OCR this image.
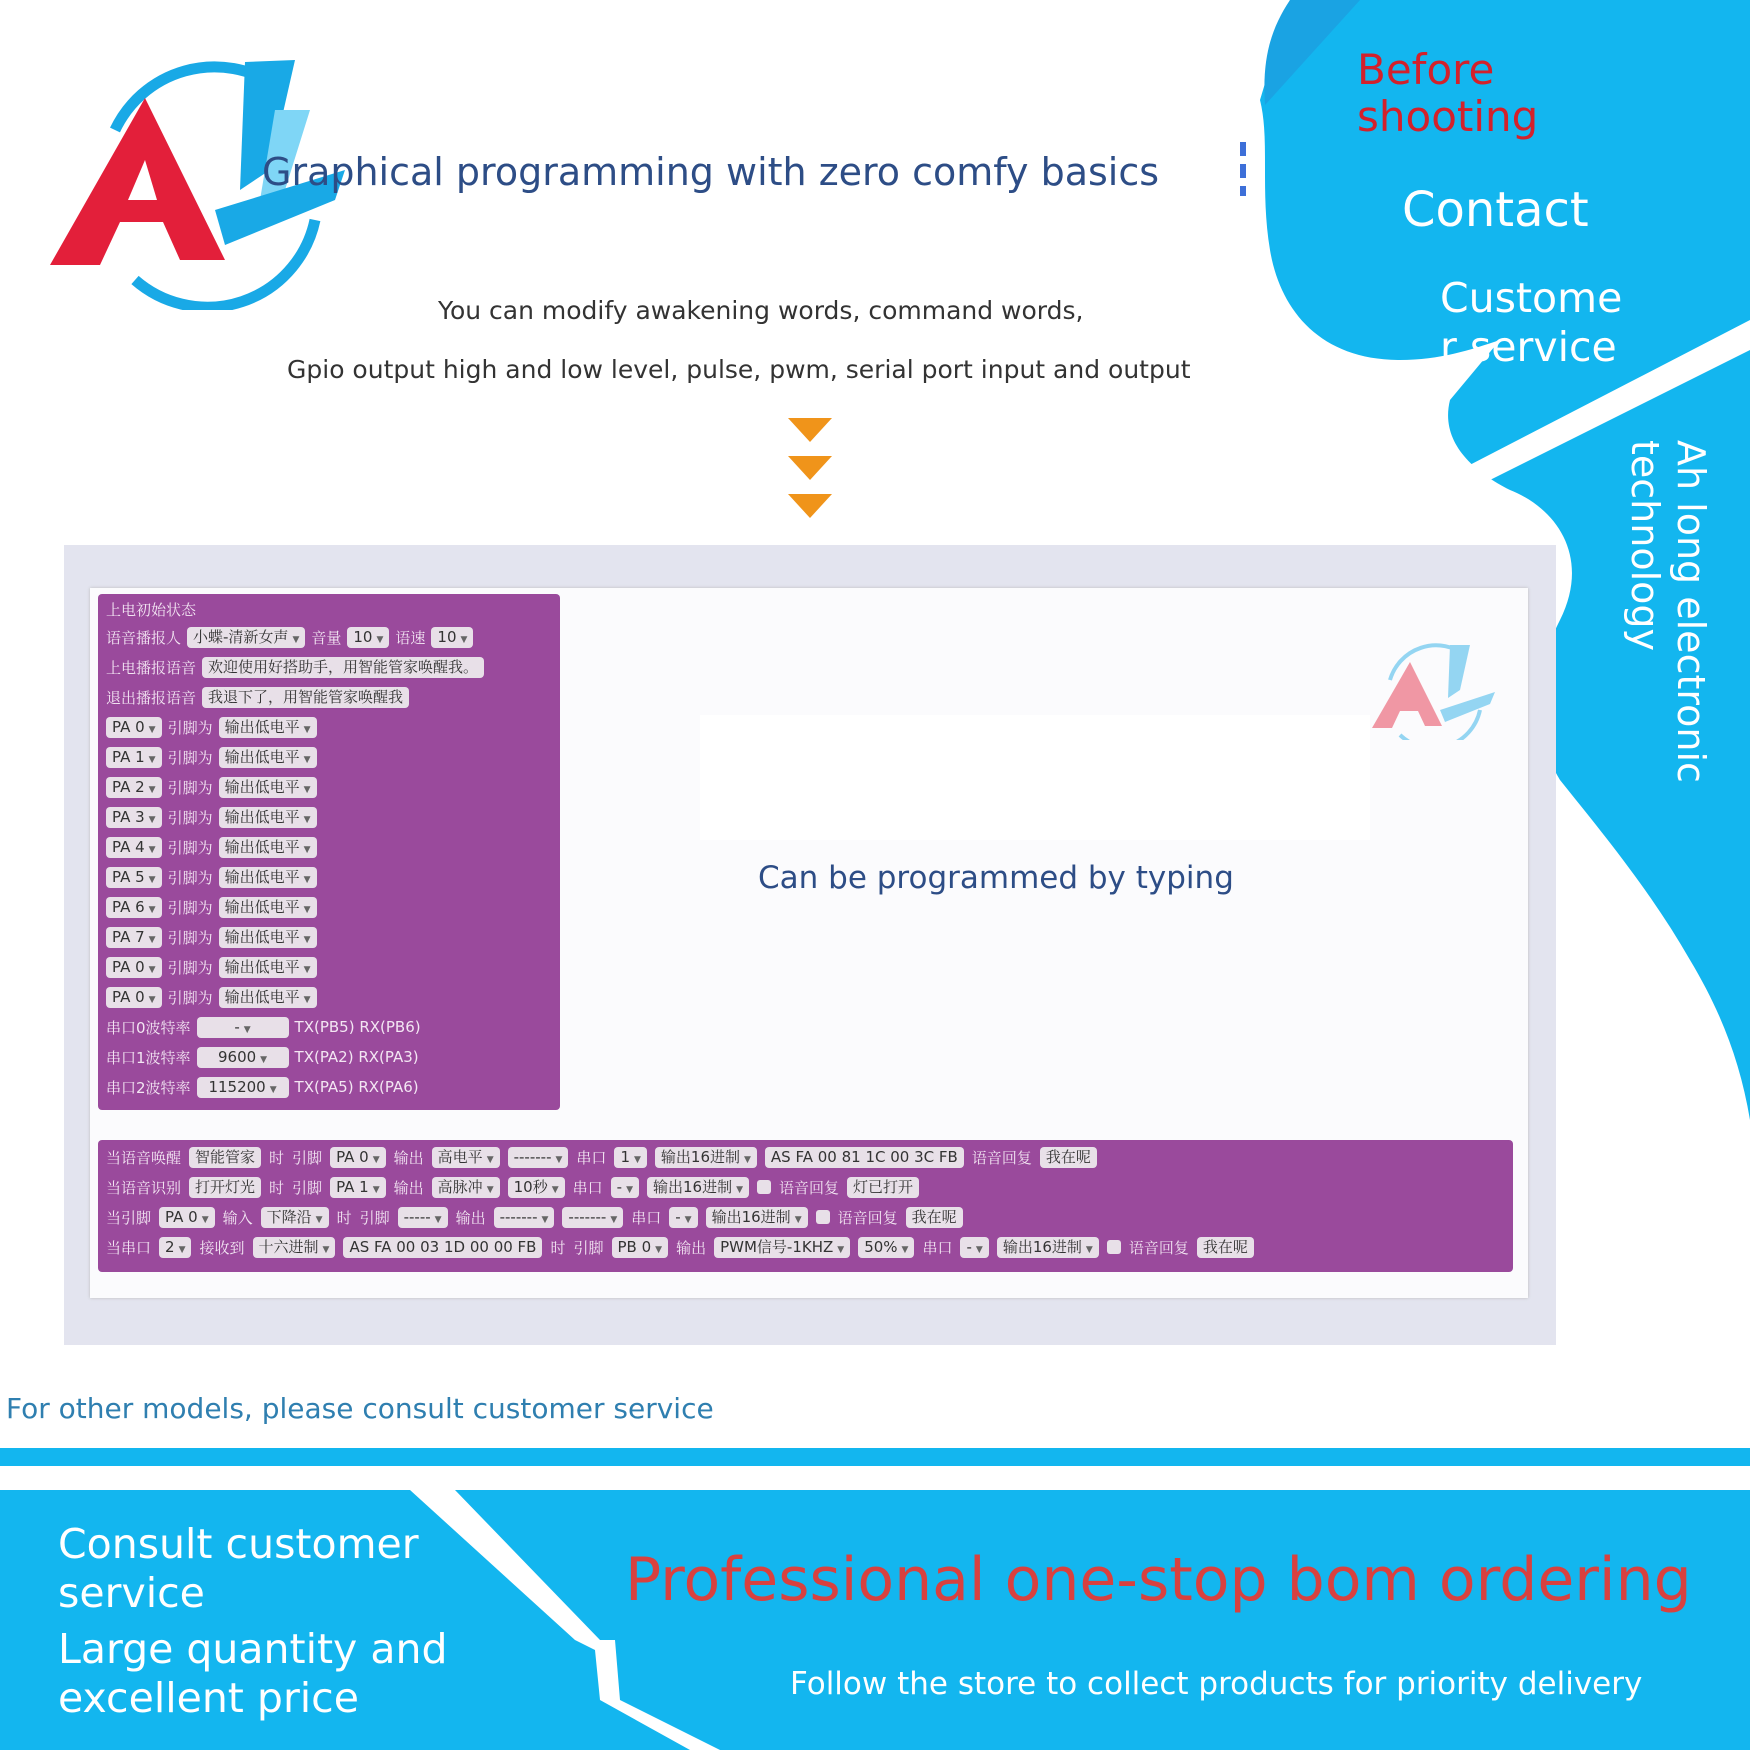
Graphical programming with zero comfy basics
You can modify awakening words, command words,
Gpio output high and low level, pulse, pwm, serial port input and output
Before
shooting
Contact
Custome
r service
Ah long electronic
technology
Can be programmed by typing
上电初始状态
语音播报人 小蝶-清新女声 ▼ 音量 10 ▼ 语速 10 ▼
上电播报语音 欢迎使用好搭助手，用智能管家唤醒我。
退出播报语音 我退下了，用智能管家唤醒我
PA 0 ▼ 引脚为 输出低电平 ▼
PA 1 ▼ 引脚为 输出低电平 ▼
PA 2 ▼ 引脚为 输出低电平 ▼
PA 3 ▼ 引脚为 输出低电平 ▼
PA 4 ▼ 引脚为 输出低电平 ▼
PA 5 ▼ 引脚为 输出低电平 ▼
PA 6 ▼ 引脚为 输出低电平 ▼
PA 7 ▼ 引脚为 输出低电平 ▼
PA 0 ▼ 引脚为 输出低电平 ▼
PA 0 ▼ 引脚为 输出低电平 ▼
串口0波特率	- ▼	TX(PB5) RX(PB6)
串口1波特率	9600 ▼	TX(PA2) RX(PA3)
串口2波特率	115200 ▼	TX(PA5) RX(PA6)
当语音唤醒 智能管家 时 引脚 PA 0 ▼ 输出 高电平 ▼	------- ▼ 串口 1 ▼	输出16进制 ▼	AS FA 00 81 1C 00 3C FB 语音回复 我在呢
当语音识别 打开灯光 时 引脚 PA 1 ▼ 输出 高脉冲 ▼	10秒 ▼ 串口 - ▼	输出16进制 ▼	语音回复 灯已打开
当引脚 PA 0 ▼ 输入 下降沿 ▼ 时 引脚 ----- ▼ 输出 ------- ▼	------- ▼ 串口 - ▼	输出16进制 ▼	语音回复 我在呢
当串口 2 ▼ 接收到 十六进制 ▼	AS FA 00 03 1D 00 00 FB 时 引脚 PB 0 ▼ 输出 PWM信号-1KHZ ▼	50% ▼ 串口 - ▼	输出16进制 ▼	语音回复 我在呢
For other models, please consult customer service
Consult customer
service
Large quantity and
excellent price
Professional one-stop bom ordering
Follow the store to collect products for priority delivery
